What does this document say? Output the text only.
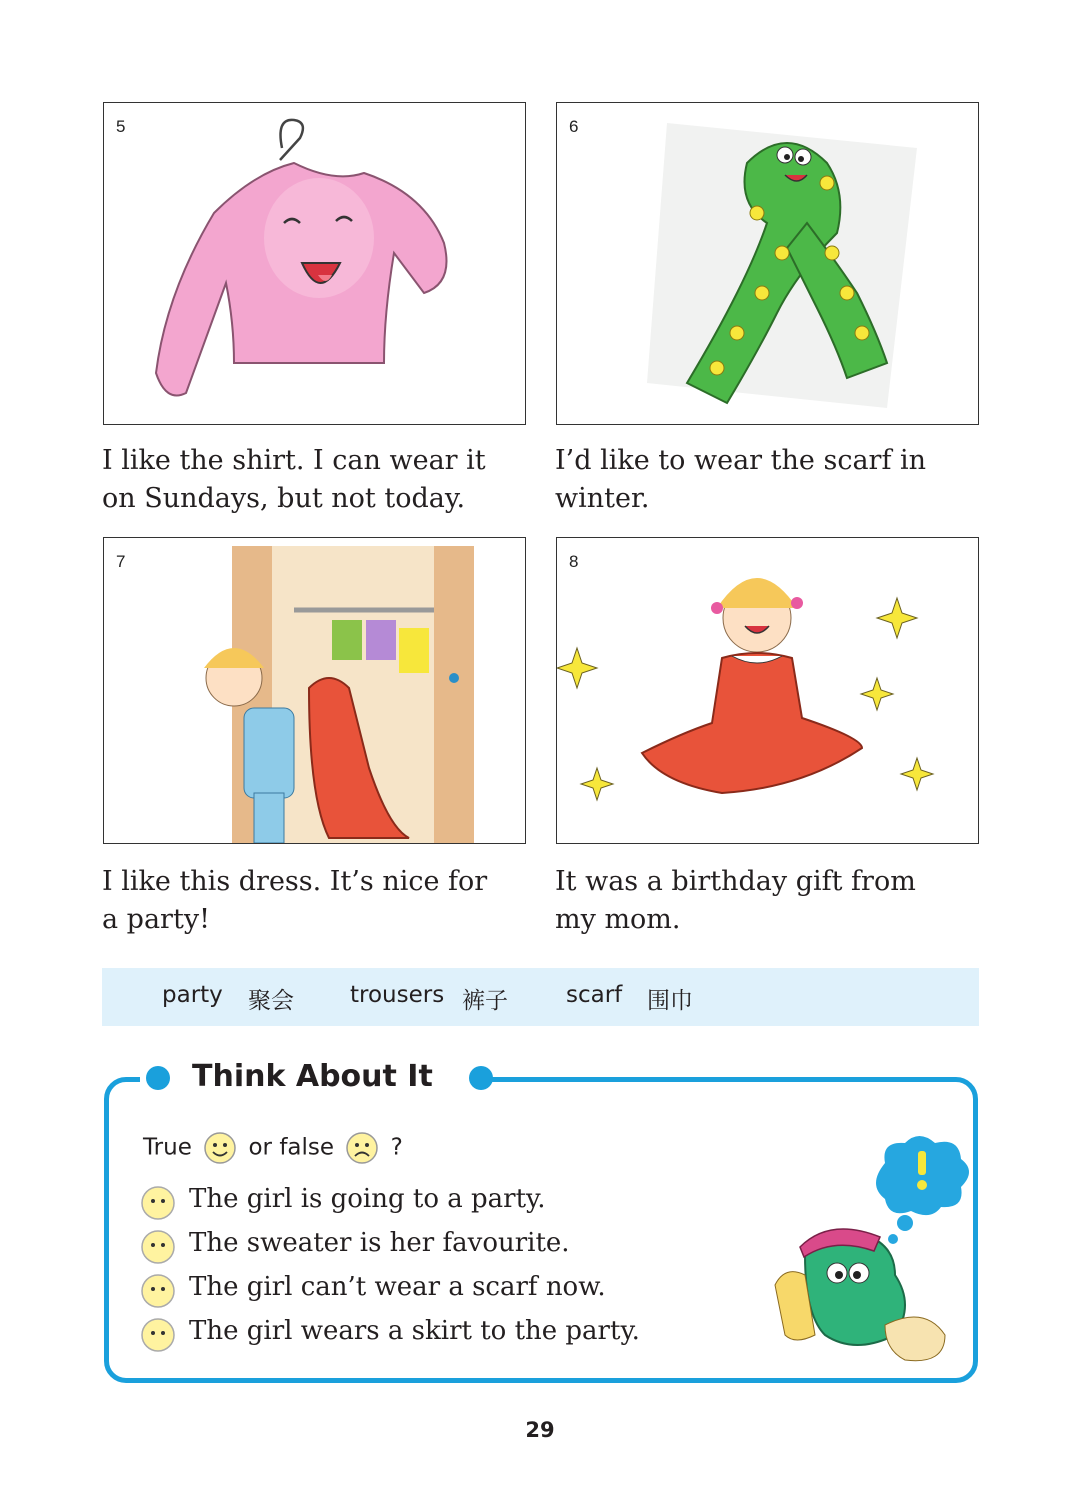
5	6
I like the shirt. I can wear it
on Sundays, but not today.
I’d like to wear the scarf in
winter.
7	8
I like this dress. It’s nice for
a party!
It was a birthday gift from
my mom.
party 聚会 trousers 裤子	scarf 围巾
Think About It
True or false ?
The girl is going to a party.
The sweater is her favourite.
The girl can’t wear a scarf now.
The girl wears a skirt to the party.
29
